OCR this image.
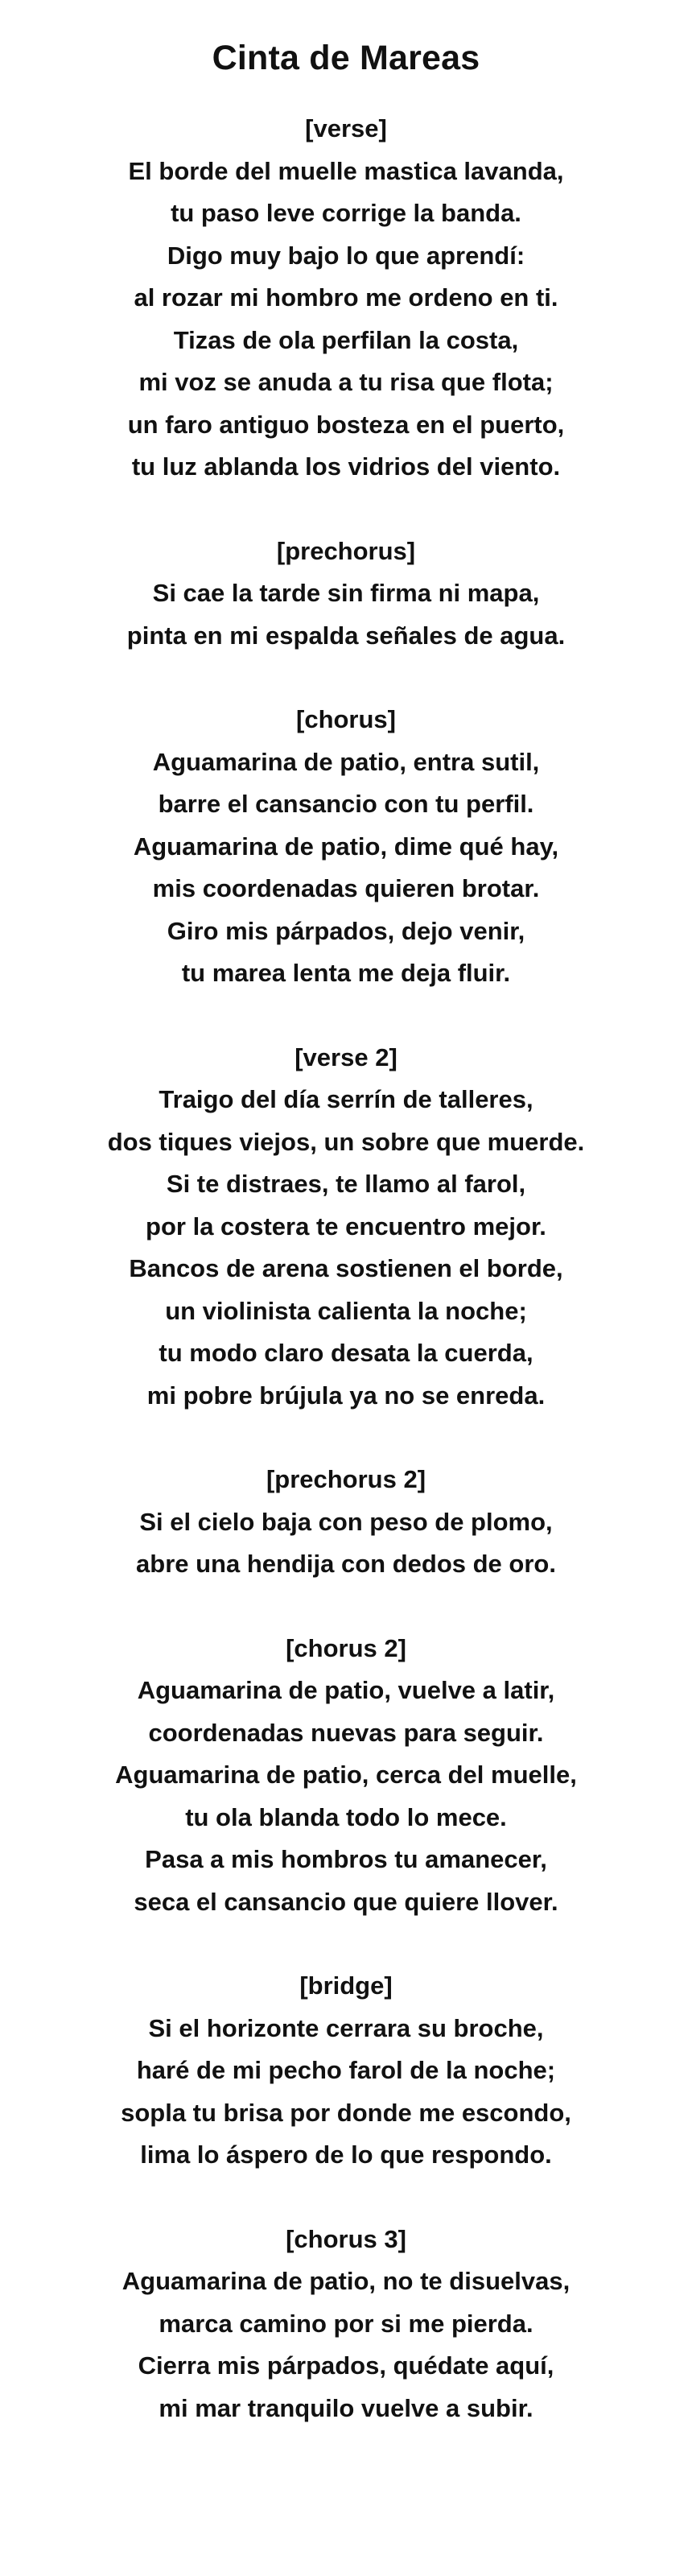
Cinta de Mareas
[verse]
El borde del muelle mastica lavanda,
tu paso leve corrige la banda.
Digo muy bajo lo que aprendí:
al rozar mi hombro me ordeno en ti.
Tizas de ola perfilan la costa,
mi voz se anuda a tu risa que flota;
un faro antiguo bosteza en el puerto,
tu luz ablanda los vidrios del viento.
[prechorus]
Si cae la tarde sin firma ni mapa,
pinta en mi espalda señales de agua.
[chorus]
Aguamarina de patio, entra sutil,
barre el cansancio con tu perfil.
Aguamarina de patio, dime qué hay,
mis coordenadas quieren brotar.
Giro mis párpados, dejo venir,
tu marea lenta me deja fluir.
[verse 2]
Traigo del día serrín de talleres,
dos tiques viejos, un sobre que muerde.
Si te distraes, te llamo al farol,
por la costera te encuentro mejor.
Bancos de arena sostienen el borde,
un violinista calienta la noche;
tu modo claro desata la cuerda,
mi pobre brújula ya no se enreda.
[prechorus 2]
Si el cielo baja con peso de plomo,
abre una hendija con dedos de oro.
[chorus 2]
Aguamarina de patio, vuelve a latir,
coordenadas nuevas para seguir.
Aguamarina de patio, cerca del muelle,
tu ola blanda todo lo mece.
Pasa a mis hombros tu amanecer,
seca el cansancio que quiere llover.
[bridge]
Si el horizonte cerrara su broche,
haré de mi pecho farol de la noche;
sopla tu brisa por donde me escondo,
lima lo áspero de lo que respondo.
[chorus 3]
Aguamarina de patio, no te disuelvas,
marca camino por si me pierda.
Cierra mis párpados, quédate aquí,
mi mar tranquilo vuelve a subir.
